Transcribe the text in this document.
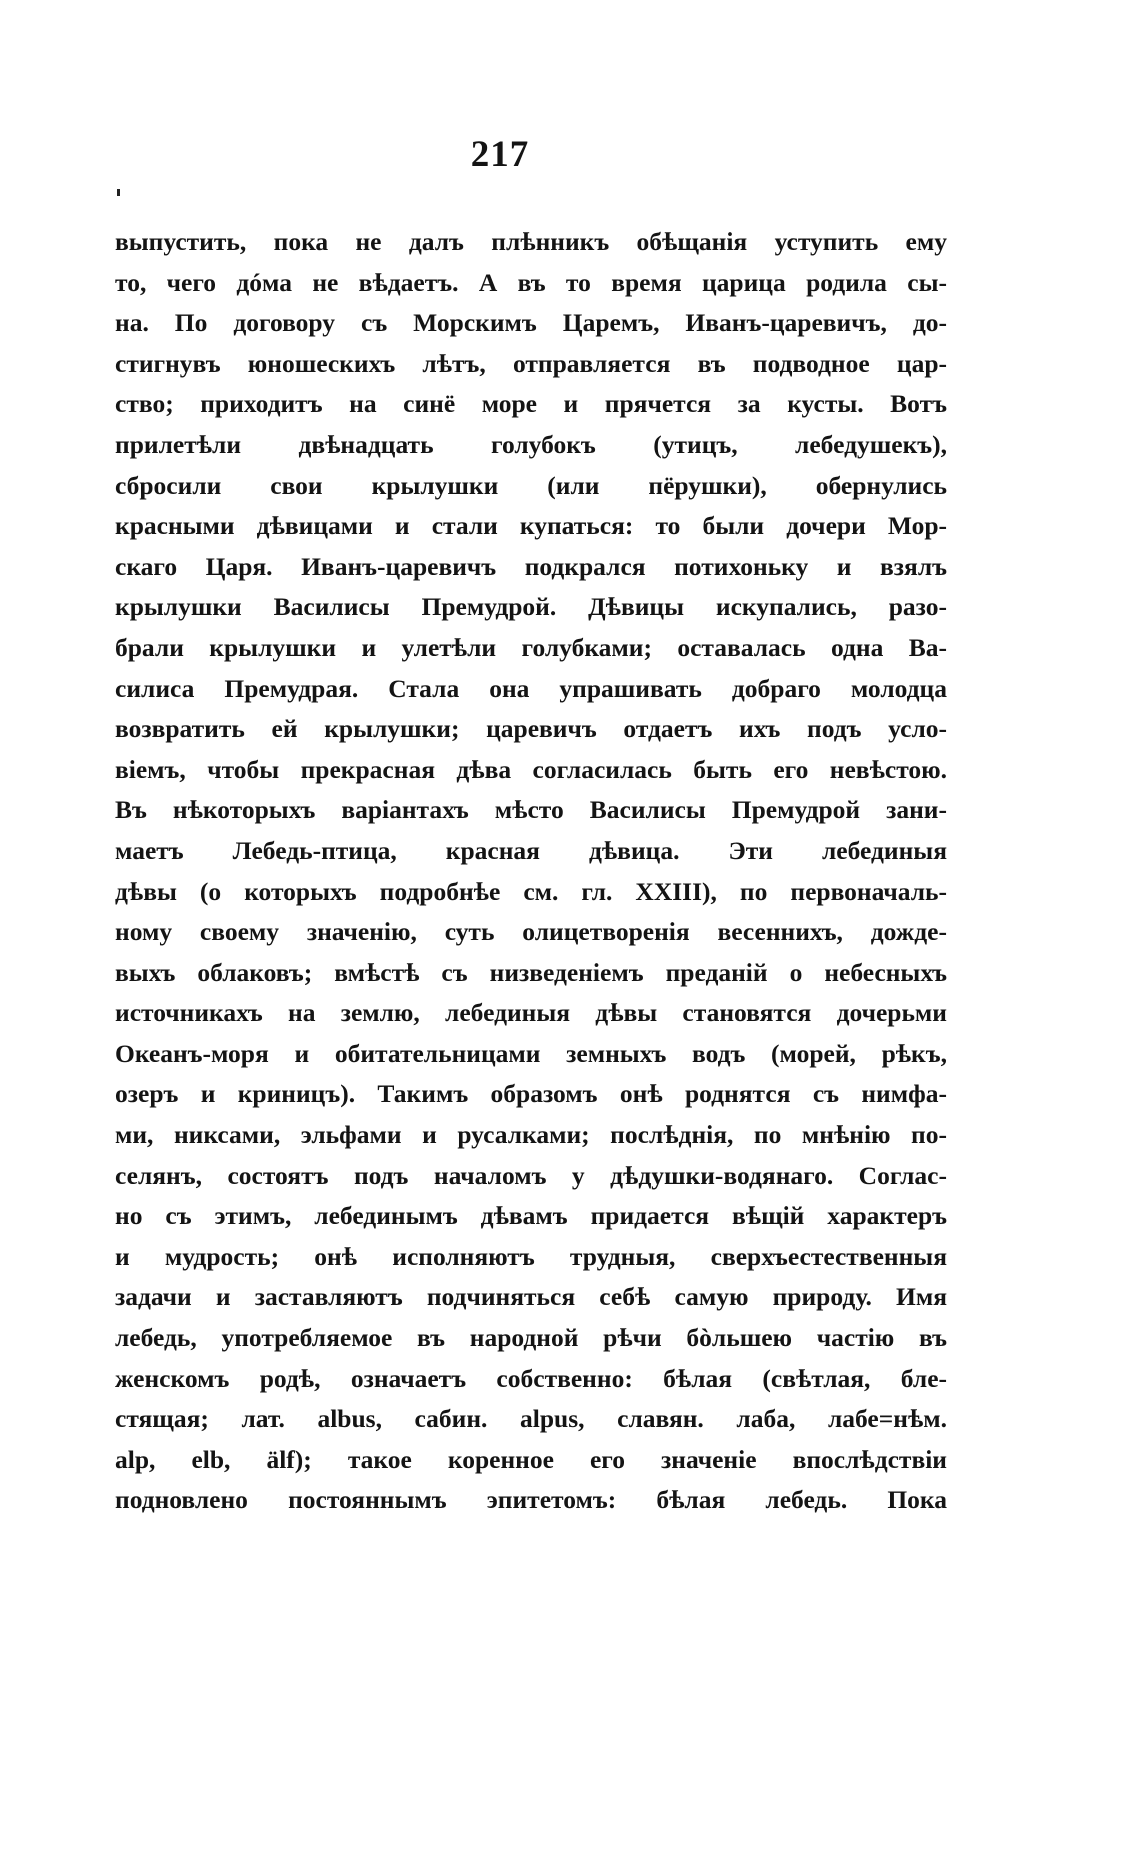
217
выпустить, пока не далъ плѣнникъ обѣщанія уступить ему
то, чего дóма не вѣдаетъ. А въ то время царица родила сы-
на. По договору съ Морскимъ Царемъ, Иванъ-царевичъ, до-
стигнувъ юношескихъ лѣтъ, отправляется въ подводное цар-
ство; приходитъ на синё море и прячется за кусты. Вотъ
прилетѣли двѣнадцать голубокъ (утицъ, лебедушекъ),
сбросили свои крылушки (или пёрушки), обернулись
красными дѣвицами и стали купаться: то были дочери Мор-
скаго Царя. Иванъ-царевичъ подкрался потихоньку и взялъ
крылушки Василисы Премудрой. Дѣвицы искупались, разо-
брали крылушки и улетѣли голубками; оставалась одна Ва-
силиса Премудрая. Стала она упрашивать добраго молодца
возвратить ей крылушки; царевичъ отдаетъ ихъ подъ усло-
віемъ, чтобы прекрасная дѣва согласилась быть его невѣстою.
Въ нѣкоторыхъ варіантахъ мѣсто Василисы Премудрой зани-
маетъ Лебедь-птица, красная дѣвица. Эти лебединыя
дѣвы (о которыхъ подробнѣе см. гл. XXIII), по первоначаль-
ному своему значенію, суть олицетворенія весеннихъ, дожде-
выхъ облаковъ; вмѣстѣ съ низведеніемъ преданій о небесныхъ
источникахъ на землю, лебединыя дѣвы становятся дочерьми
Океанъ-моря и обитательницами земныхъ водъ (морей, рѣкъ,
озеръ и криницъ). Такимъ образомъ онѣ роднятся съ нимфа-
ми, никсами, эльфами и русалками; послѣднія, по мнѣнію по-
селянъ, состоятъ подъ началомъ у дѣдушки-водянаго. Соглас-
но съ этимъ, лебединымъ дѣвамъ придается вѣщій характеръ
и мудрость; онѣ исполняютъ трудныя, сверхъестественныя
задачи и заставляютъ подчиняться себѣ самую природу. Имя
лебедь, употребляемое въ народной рѣчи бòльшею частію въ
женскомъ родѣ, означаетъ собственно: бѣлая (свѣтлая, бле-
стящая; лат. albus, сабин. alpus, славян. лаба, лабе=нѣм.
alp, elb, älf); такое коренное его значеніе впослѣдствіи
подновлено постояннымъ эпитетомъ: бѣлая лебедь. Пока
